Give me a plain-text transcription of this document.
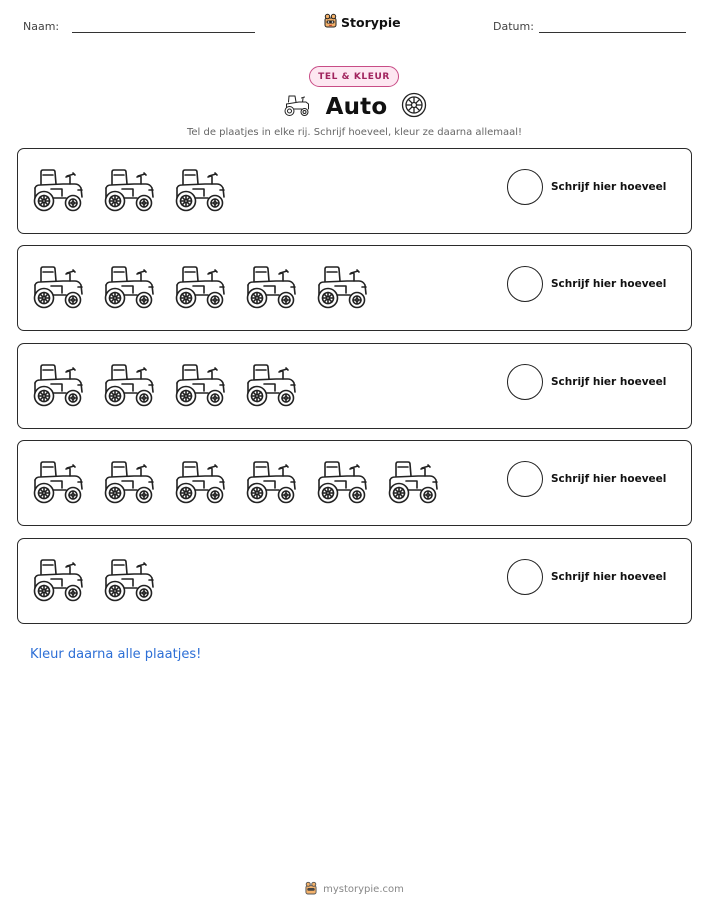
Naam:	Storypie	Datum:
TEL & KLEUR
Auto
Tel de plaatjes in elke rij. Schrijf hoeveel, kleur ze daarna allemaal!
Schrijf hier hoeveel
Schrijf hier hoeveel
Schrijf hier hoeveel
Schrijf hier hoeveel
Schrijf hier hoeveel
Kleur daarna alle plaatjes!
mystorypie.com
